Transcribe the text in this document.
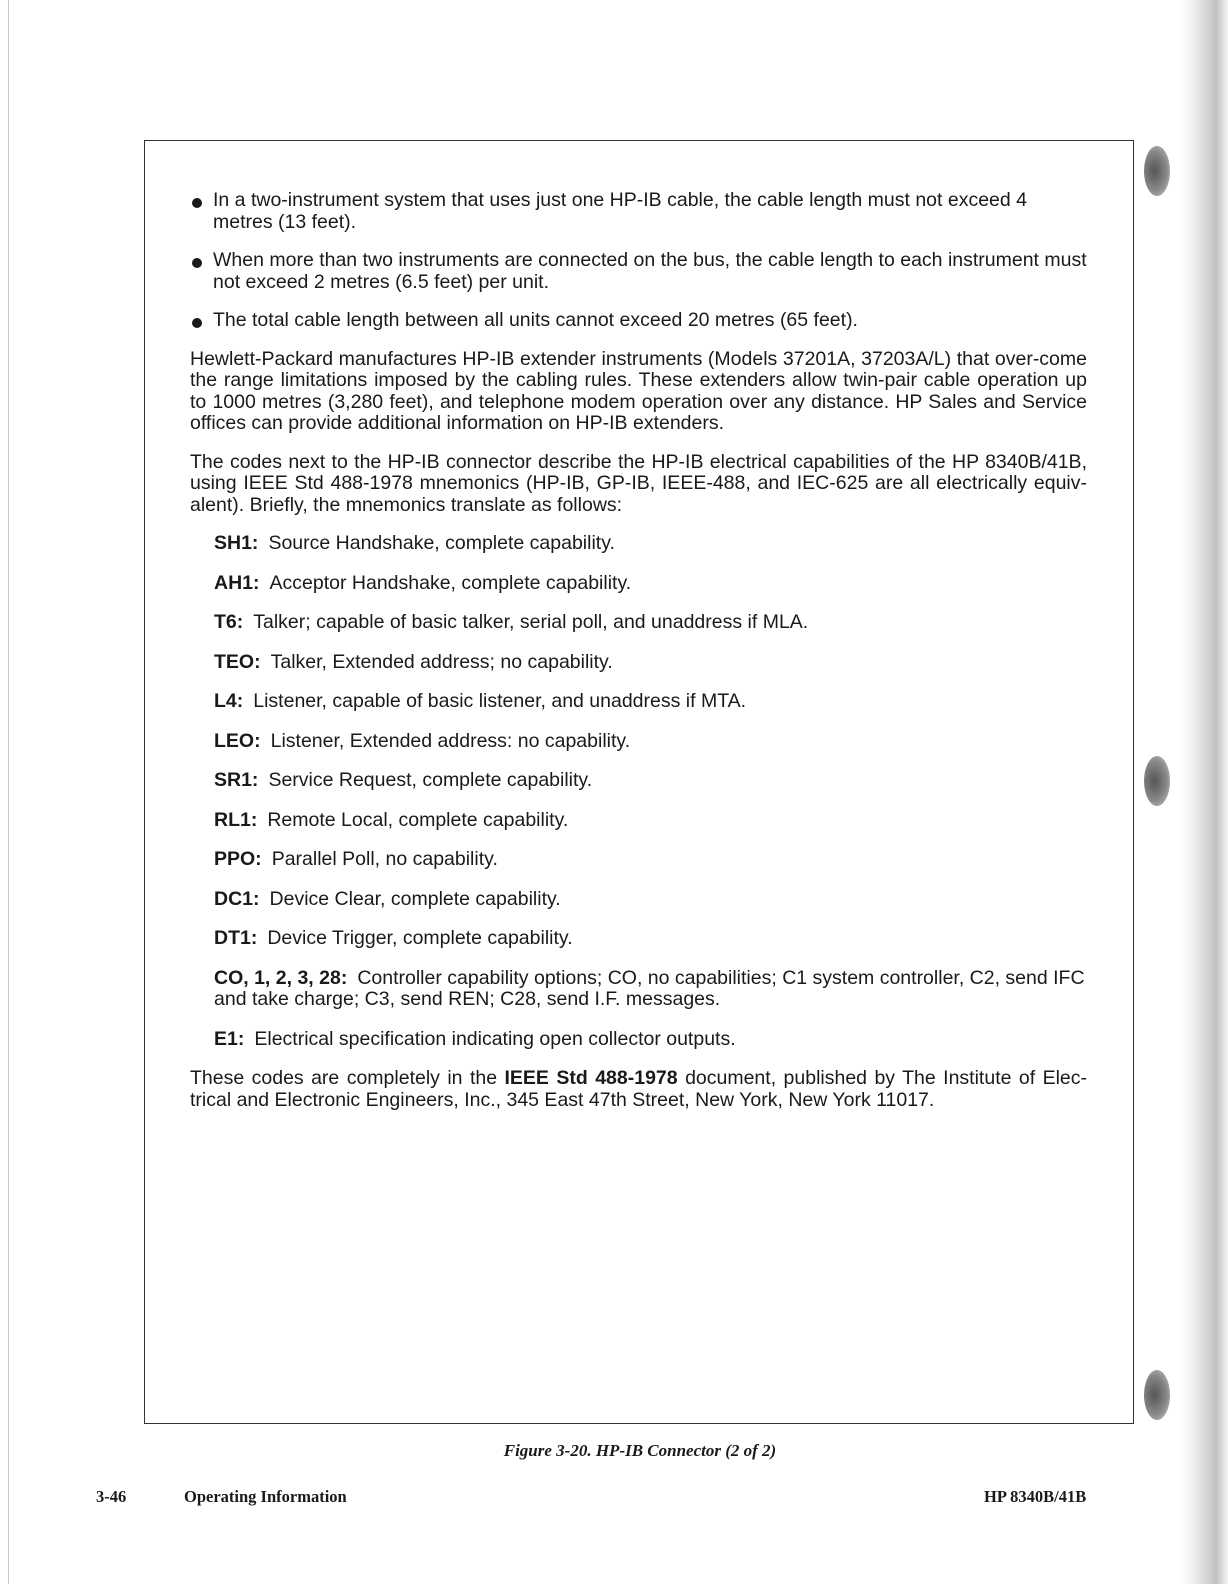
In a two-instrument system that uses just one HP-IB cable, the cable length must not exceed 4 metres (13 feet).
When more than two instruments are connected on the bus, the cable length to each instrument must not exceed 2 metres (6.5 feet) per unit.
The total cable length between all units cannot exceed 20 metres (65 feet).

Hewlett-Packard manufactures HP-IB extender instruments (Models 37201A, 37203A/L) that over-come the range limitations imposed by the cabling rules. These extenders allow twin-pair cable operation up to 1000 metres (3,280 feet), and telephone modem operation over any distance. HP Sales and Service offices can provide additional information on HP-IB extenders.

The codes next to the HP-IB connector describe the HP-IB electrical capabilities of the HP 8340B/41B, using IEEE Std 488-1978 mnemonics (HP-IB, GP-IB, IEEE-488, and IEC-625 are all electrically equiv-alent). Briefly, the mnemonics translate as follows:

SH1: Source Handshake, complete capability.
AH1: Acceptor Handshake, complete capability.
T6: Talker; capable of basic talker, serial poll, and unaddress if MLA.
TEO: Talker, Extended address; no capability.
L4: Listener, capable of basic listener, and unaddress if MTA.
LEO: Listener, Extended address: no capability.
SR1: Service Request, complete capability.
RL1: Remote Local, complete capability.
PPO: Parallel Poll, no capability.
DC1: Device Clear, complete capability.
DT1: Device Trigger, complete capability.
CO, 1, 2, 3, 28: Controller capability options; CO, no capabilities; C1 system controller, C2, send IFC and take charge; C3, send REN; C28, send I.F. messages.
E1: Electrical specification indicating open collector outputs.

These codes are completely in the IEEE Std 488-1978 document, published by The Institute of Elec-trical and Electronic Engineers, Inc., 345 East 47th Street, New York, New York 11017.

Figure 3-20. HP-IB Connector (2 of 2)
3-46	Operating Information	HP 8340B/41B
